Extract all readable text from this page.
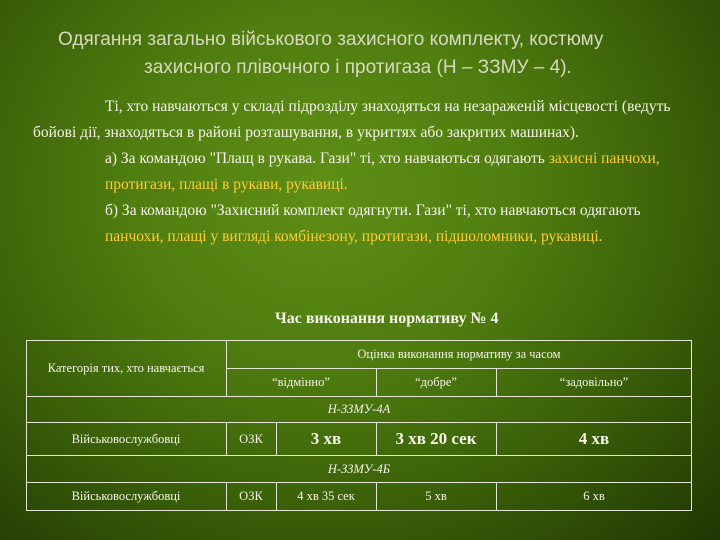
Одягання загально військового захисного комплекту, костюму
захисного плівочного і протигаза (Н – ЗЗМУ – 4).

Ті, хто навчаються у складі підрозділу знаходяться на незараженій місцевості (ведуть бойові дії, знаходяться в районі розташування, в укриттях або закритих машинах).

а) За командою "Плащ в рукава. Гази" ті, хто навчаються одягають захисні панчохи, протигази, плащі в рукави, рукавиці.

б) За командою "Захисний комплект одягнути. Гази" ті, хто навчаються одягають панчохи, плащі у вигляді комбінезону, протигази, підшоломники, рукавиці.

Час виконання нормативу № 4
Категорія тих, хто навчається
Оцінка виконання нормативу за часом
“відмінно”	“добре”	“задовільно”
Н-ЗЗМУ-4А
Військовослужбовці	ОЗК	3 хв	3 хв 20 сек	4 хв
Н-ЗЗМУ-4Б
Військовослужбовці	ОЗК	4 хв 35 сек	5 хв	6 хв
